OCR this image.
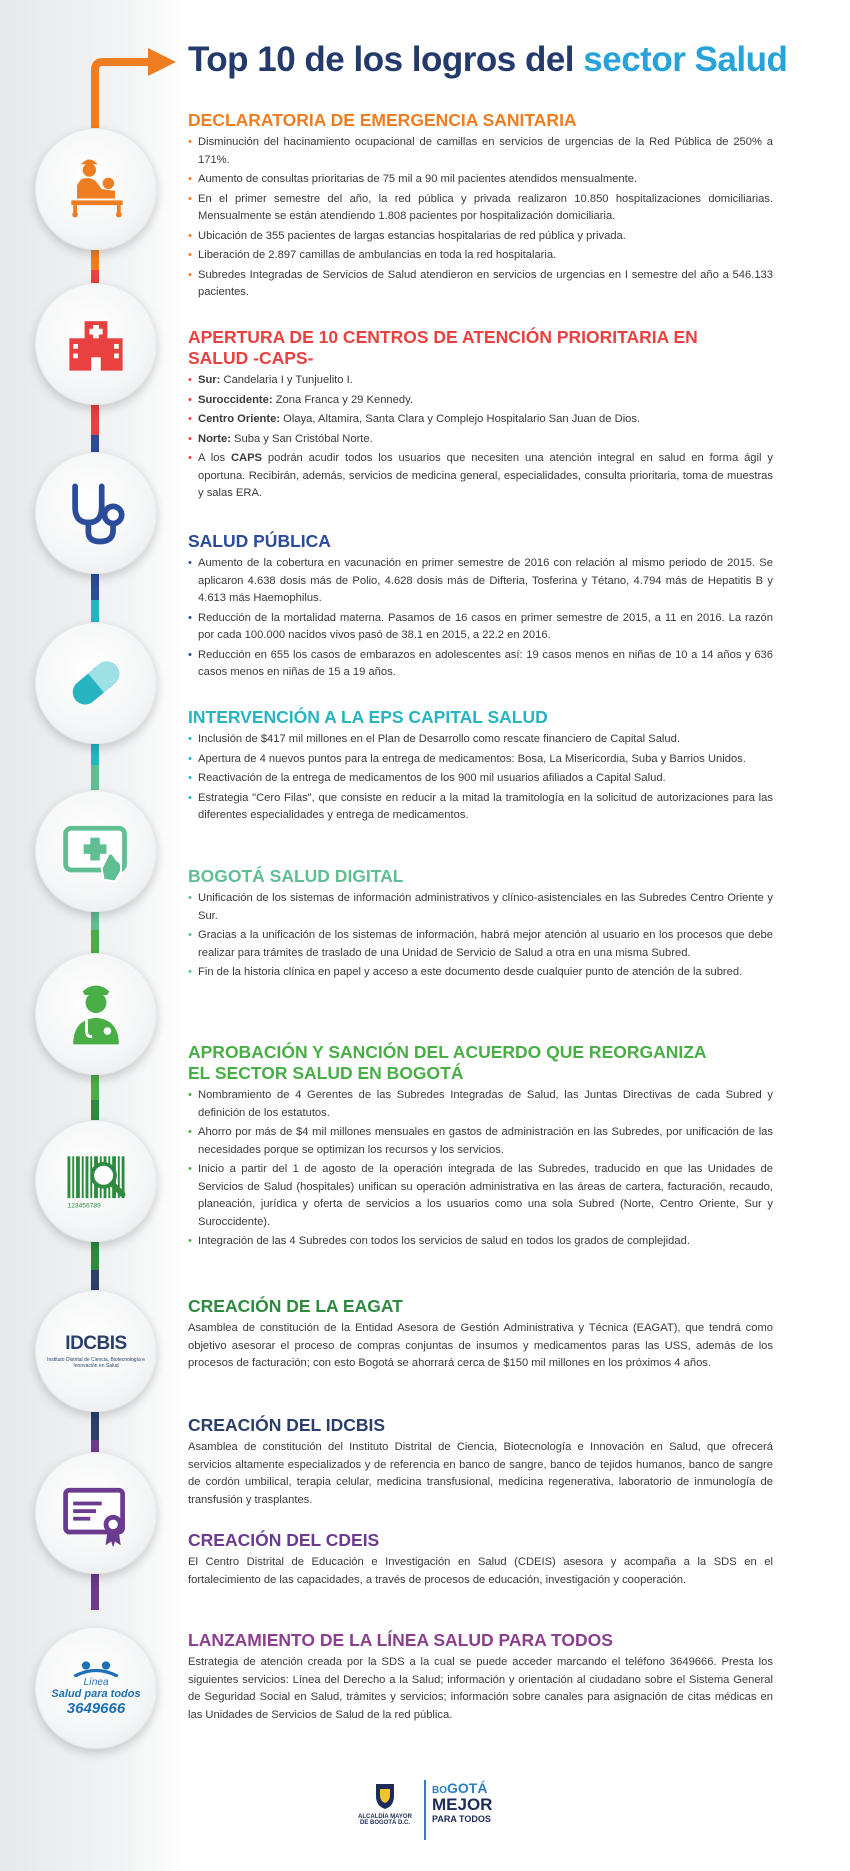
Top 10 de los logros del sector Salud
123456789
IDCBIS
Instituto Distrital de Ciencia, Biotecnología e Innovación en Salud
Línea
Salud para todos
3649666
DECLARATORIA DE EMERGENCIA SANITARIA
• Disminución del hacinamiento ocupacional de camillas en servicios de urgencias de la Red Pública de 250% a 171%.
• Aumento de consultas prioritarias de 75 mil a 90 mil pacientes atendidos mensualmente.
• En el primer semestre del año, la red pública y privada realizaron 10.850 hospitalizaciones domiciliarias. Mensualmente se están atendiendo 1.808 pacientes por hospitalización domiciliaria.
• Ubicación de 355 pacientes de largas estancias hospitalarias de red pública y privada.
• Liberación de 2.897 camillas de ambulancias en toda la red hospitalaria.
• Subredes Integradas de Servicios de Salud atendieron en servicios de urgencias en I semestre del año a 546.133 pacientes.
APERTURA DE 10 CENTROS DE ATENCIÓN PRIORITARIA EN SALUD -CAPS-
• Sur: Candelaria I y Tunjuelito I.
• Suroccidente: Zona Franca y 29 Kennedy.
• Centro Oriente: Olaya, Altamira, Santa Clara y Complejo Hospitalario San Juan de Dios.
• Norte: Suba y San Cristóbal Norte.
• A los CAPS podrán acudir todos los usuarios que necesiten una atención integral en salud en forma ágil y oportuna. Recibirán, además, servicios de medicina general, especialidades, consulta prioritaria, toma de muestras y salas ERA.
SALUD PÚBLICA
• Aumento de la cobertura en vacunación en primer semestre de 2016 con relación al mismo periodo de 2015. Se aplicaron 4.638 dosis más de Polio, 4.628 dosis más de Difteria, Tosferina y Tétano, 4.794 más de Hepatitis B y 4.613 más Haemophilus.
• Reducción de la mortalidad materna. Pasamos de 16 casos en primer semestre de 2015, a 11 en 2016. La razón por cada 100.000 nacidos vivos pasó de 38.1 en 2015, a 22.2 en 2016.
• Reducción en 655 los casos de embarazos en adolescentes así: 19 casos menos en niñas de 10 a 14 años y 636 casos menos en niñas de 15 a 19 años.
INTERVENCIÓN A LA EPS CAPITAL SALUD
• Inclusión de $417 mil millones en el Plan de Desarrollo como rescate financiero de Capital Salud.
• Apertura de 4 nuevos puntos para la entrega de medicamentos: Bosa, La Misericordia, Suba y Barrios Unidos.
• Reactivación de la entrega de medicamentos de los 900 mil usuarios afiliados a Capital Salud.
• Estrategia "Cero Filas", que consiste en reducir a la mitad la tramitología en la solicitud de autorizaciones para las diferentes especialidades y entrega de medicamentos.
BOGOTÁ SALUD DIGITAL
• Unificación de los sistemas de información administrativos y clínico-asistenciales en las Subredes Centro Oriente y Sur.
• Gracias a la unificación de los sistemas de información, habrá mejor atención al usuario en los procesos que debe realizar para trámites de traslado de una Unidad de Servicio de Salud a otra en una misma Subred.
• Fin de la historia clínica en papel y acceso a este documento desde cualquier punto de atención de la subred.
APROBACIÓN Y SANCIÓN DEL ACUERDO QUE REORGANIZA EL SECTOR SALUD EN BOGOTÁ
• Nombramiento de 4 Gerentes de las Subredes Integradas de Salud, las Juntas Directivas de cada Subred y definición de los estatutos.
• Ahorro por más de $4 mil millones mensuales en gastos de administración en las Subredes, por unificación de las necesidades porque se optimizan los recursos y los servicios.
• Inicio a partir del 1 de agosto de la operación integrada de las Subredes, traducido en que las Unidades de Servicios de Salud (hospitales) unifican su operación administrativa en las áreas de cartera, facturación, recaudo, planeación, jurídica y oferta de servicios a los usuarios como una sola Subred (Norte, Centro Oriente, Sur y Suroccidente).
• Integración de las 4 Subredes con todos los servicios de salud en todos los grados de complejidad.
CREACIÓN DE LA EAGAT

Asamblea de constitución de la Entidad Asesora de Gestión Administrativa y Técnica (EAGAT), que tendrá como objetivo asesorar el proceso de compras conjuntas de insumos y medicamentos paras las USS, además de los procesos de facturación; con esto Bogotá se ahorrará cerca de $150 mil millones en los próximos 4 años.

CREACIÓN DEL IDCBIS

Asamblea de constitución del Instituto Distrital de Ciencia, Biotecnología e Innovación en Salud, que ofrecerá servicios altamente especializados y de referencia en banco de sangre, banco de tejidos humanos, banco de sangre de cordón umbilical, terapia celular, medicina transfusional, medicina regenerativa, laboratorio de inmunología de transfusión y trasplantes.

CREACIÓN DEL CDEIS

El Centro Distrital de Educación e Investigación en Salud (CDEIS) asesora y acompaña a la SDS en el fortalecimiento de las capacidades, a través de procesos de educación, investigación y cooperación.

LANZAMIENTO DE LA LÍNEA SALUD PARA TODOS

Estrategia de atención creada por la SDS a la cual se puede acceder marcando el teléfono 3649666. Presta los siguientes servicios: Línea del Derecho a la Salud; información y orientación al ciudadano sobre el Sistema General de Seguridad Social en Salud, trámites y servicios; información sobre canales para asignación de citas médicas en las Unidades de Servicios de Salud de la red pública.

ALCALDÍA MAYOR
DE BOGOTÁ D.C.
BOGOTÁ
MEJOR
PARA TODOS
